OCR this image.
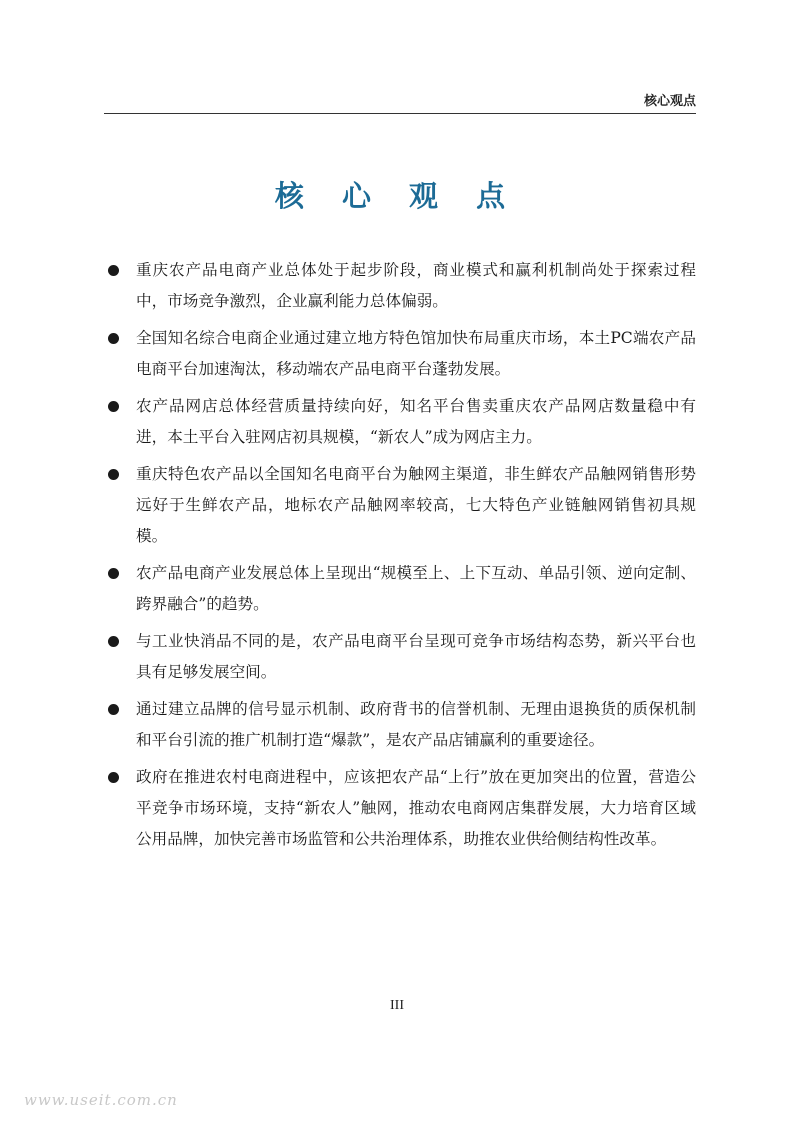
核心观点
核 心 观 点
重庆农产品电商产业总体处于起步阶段，商业模式和赢利机制尚处于探索过程中，市场竞争激烈，企业赢利能力总体偏弱。
全国知名综合电商企业通过建立地方特色馆加快布局重庆市场，本土PC端农产品电商平台加速淘汰，移动端农产品电商平台蓬勃发展。
农产品网店总体经营质量持续向好，知名平台售卖重庆农产品网店数量稳中有进，本土平台入驻网店初具规模，“新农人”成为网店主力。
重庆特色农产品以全国知名电商平台为触网主渠道，非生鲜农产品触网销售形势远好于生鲜农产品，地标农产品触网率较高，七大特色产业链触网销售初具规模。
农产品电商产业发展总体上呈现出“规模至上、上下互动、单品引领、逆向定制、跨界融合”的趋势。
与工业快消品不同的是，农产品电商平台呈现可竞争市场结构态势，新兴平台也具有足够发展空间。
通过建立品牌的信号显示机制、政府背书的信誉机制、无理由退换货的质保机制和平台引流的推广机制打造“爆款”，是农产品店铺赢利的重要途径。
政府在推进农村电商进程中，应该把农产品“上行”放在更加突出的位置，营造公平竞争市场环境，支持“新农人”触网，推动农电商网店集群发展，大力培育区域公用品牌，加快完善市场监管和公共治理体系，助推农业供给侧结构性改革。
III
www.useit.com.cn
